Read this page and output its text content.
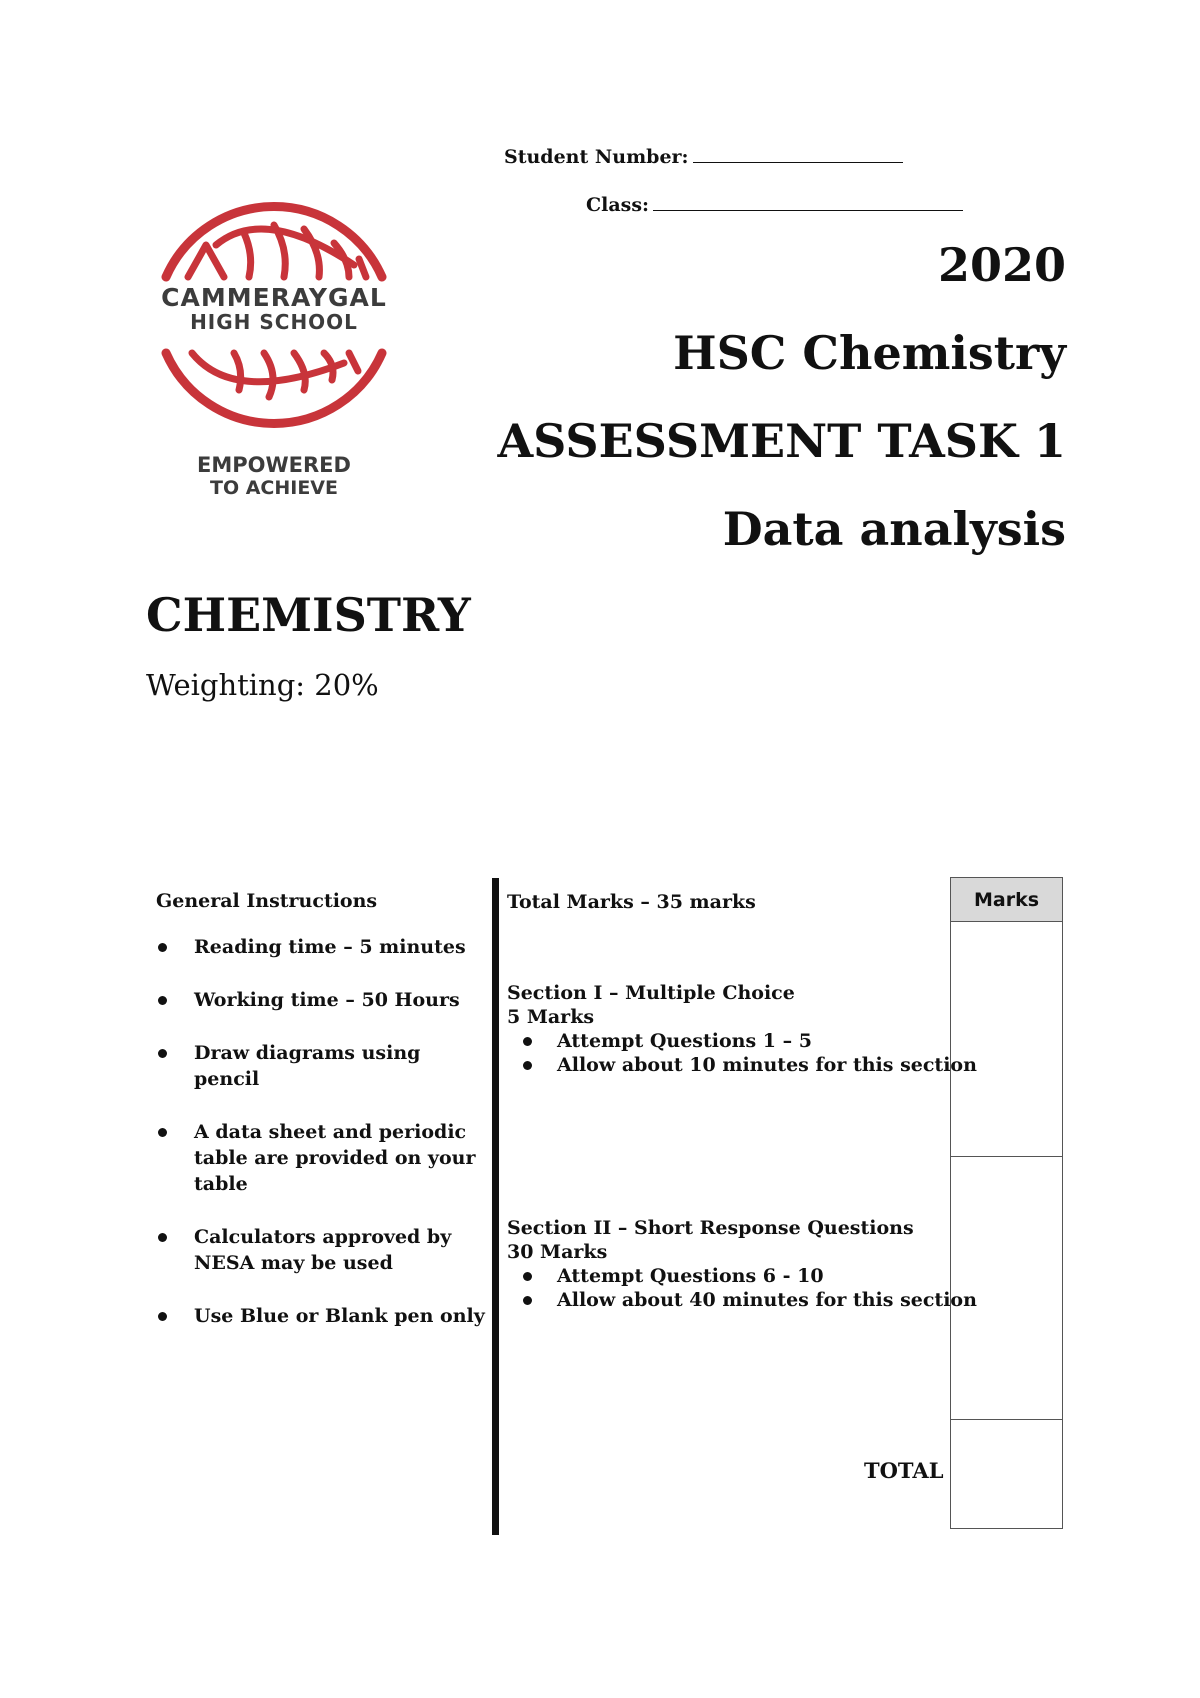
Student Number:
Class:
CAMMERAYGAL
HIGH SCHOOL
EMPOWERED
TO ACHIEVE
2020
HSC Chemistry
ASSESSMENT TASK 1
Data analysis
CHEMISTRY
Weighting: 20%
General Instructions
Reading time – 5 minutes
Working time – 50 Hours
Draw diagrams using pencil
A data sheet and periodic table are provided on your table
Calculators approved by NESA may be used
Use Blue or Blank pen only
Total Marks – 35 marks
Section I – Multiple Choice
5 Marks
Attempt Questions 1 – 5
Allow about 10 minutes for this section
Section II – Short Response Questions
30 Marks
Attempt Questions 6 - 10
Allow about 40 minutes for this section
Marks
TOTAL
